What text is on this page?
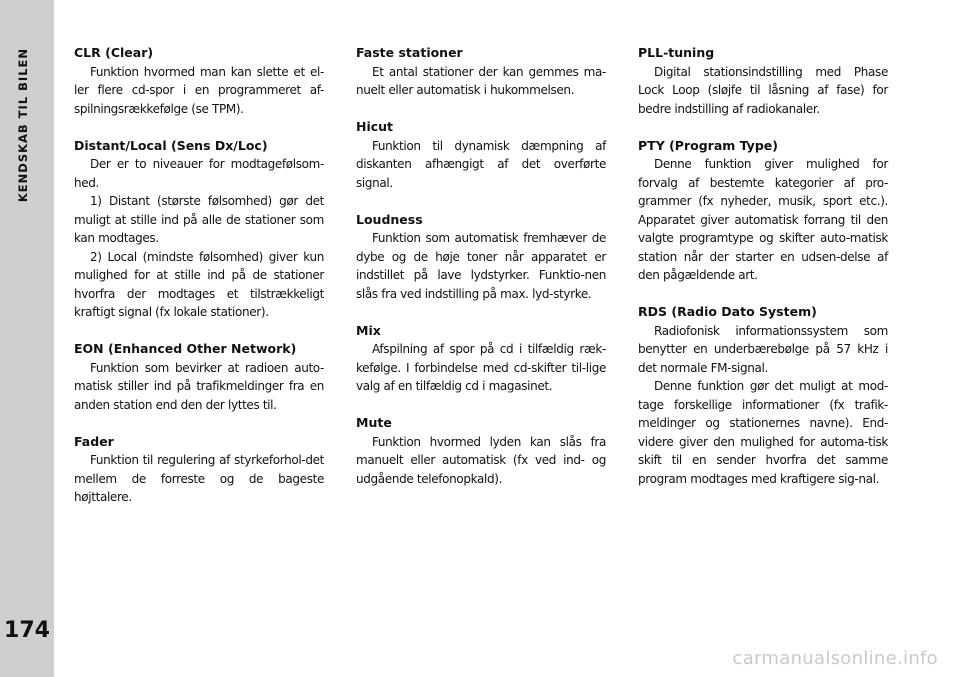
KENDSKAB TIL BILEN
174

CLR (Clear)

Funktion hvormed man kan slette et el-ler flere cd-spor i en programmeret af-spilningsrækkefølge (se TPM).

Distant/Local (Sens Dx/Loc)

Der er to niveauer for modtagefølsom-hed.

1) Distant (største følsomhed) gør det muligt at stille ind på alle de stationer som kan modtages.

2) Local (mindste følsomhed) giver kun mulighed for at stille ind på de stationer hvorfra der modtages et tilstrækkeligt kraftigt signal (fx lokale stationer).

EON (Enhanced Other Network)

Funktion som bevirker at radioen auto-matisk stiller ind på trafikmeldinger fra en anden station end den der lyttes til.

Fader

Funktion til regulering af styrkeforhol-det mellem de forreste og de bageste højttalere.

Faste stationer

Et antal stationer der kan gemmes ma-nuelt eller automatisk i hukommelsen.

Hicut

Funktion til dynamisk dæmpning af diskanten afhængigt af det overførte signal.

Loudness

Funktion som automatisk fremhæver de dybe og de høje toner når apparatet er indstillet på lave lydstyrker. Funktio-nen slås fra ved indstilling på max. lyd-styrke.

Mix

Afspilning af spor på cd i tilfældig ræk-kefølge. I forbindelse med cd-skifter til-lige valg af en tilfældig cd i magasinet.

Mute

Funktion hvormed lyden kan slås fra manuelt eller automatisk (fx ved ind- og udgående telefonopkald).

PLL-tuning

Digital stationsindstilling med Phase Lock Loop (sløjfe til låsning af fase) for bedre indstilling af radiokanaler.

PTY (Program Type)

Denne funktion giver mulighed for forvalg af bestemte kategorier af pro-grammer (fx nyheder, musik, sport etc.). Apparatet giver automatisk forrang til den valgte programtype og skifter auto-matisk station når der starter en udsen-delse af den pågældende art.

RDS (Radio Dato System)

Radiofonisk informationssystem som benytter en underbærebølge på 57 kHz i det normale FM-signal.

Denne funktion gør det muligt at mod-tage forskellige informationer (fx trafik-meldinger og stationernes navne). End-videre giver den mulighed for automa-tisk skift til en sender hvorfra det samme program modtages med kraftigere sig-nal.

carmanualsonline.info
